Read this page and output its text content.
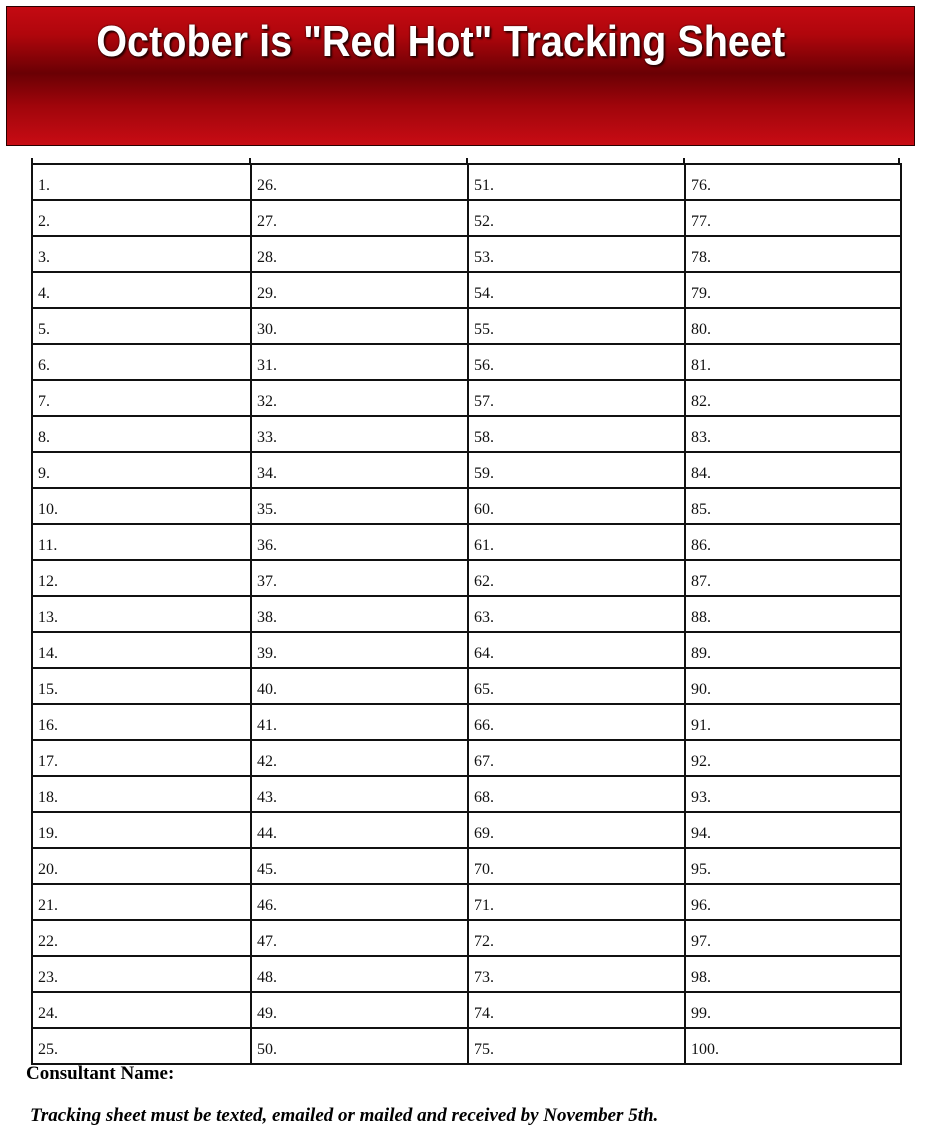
October is "Red Hot" Tracking Sheet
1.	26.	51.	76.
2.	27.	52.	77.
3.	28.	53.	78.
4.	29.	54.	79.
5.	30.	55.	80.
6.	31.	56.	81.
7.	32.	57.	82.
8.	33.	58.	83.
9.	34.	59.	84.
10.	35.	60.	85.
11.	36.	61.	86.
12.	37.	62.	87.
13.	38.	63.	88.
14.	39.	64.	89.
15.	40.	65.	90.
16.	41.	66.	91.
17.	42.	67.	92.
18.	43.	68.	93.
19.	44.	69.	94.
20.	45.	70.	95.
21.	46.	71.	96.
22.	47.	72.	97.
23.	48.	73.	98.
24.	49.	74.	99.
25.	50.	75.	100.
Consultant Name:
Tracking sheet must be texted, emailed or mailed and received by November 5th.
